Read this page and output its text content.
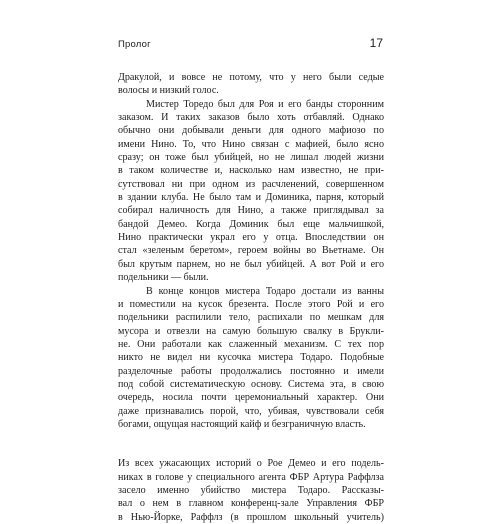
Пролог	17
Дракулой, и вовсе не потому, что у него были седые
волосы и низкий голос.
Мистер Торедо был для Роя и его банды сторонним
заказом. И таких заказов было хоть отбавляй. Однако
обычно они добывали деньги для одного мафиозо по
имени Нино. То, что Нино связан с мафией, было ясно
сразу; он тоже был убийцей, но не лишал людей жизни
в таком количестве и, насколько нам известно, не при-
сутствовал ни при одном из расчленений, совершенном
в здании клуба. Не было там и Доминика, парня, который
собирал наличность для Нино, а также приглядывал за
бандой Демео. Когда Доминик был еще мальчишкой,
Нино практически украл его у отца. Впоследствии он
стал «зеленым беретом», героем войны во Вьетнаме. Он
был крутым парнем, но не был убийцей. А вот Рой и его
подельники — были.
В конце концов мистера Тодаро достали из ванны
и поместили на кусок брезента. После этого Рой и его
подельники распилили тело, распихали по мешкам для
мусора и отвезли на самую большую свалку в Брукли-
не. Они работали как слаженный механизм. С тех пор
никто не видел ни кусочка мистера Тодаро. Подобные
разделочные работы продолжались постоянно и имели
под собой систематическую основу. Система эта, в свою
очередь, носила почти церемониальный характер. Они
даже признавались порой, что, убивая, чувствовали себя
богами, ощущая настоящий кайф и безграничную власть.
Из всех ужасающих историй о Рое Демео и его подель-
никах в голове у специального агента ФБР Артура Раффлза
засело именно убийство мистера Тодаро. Рассказы-
вал о нем в главном конференц-зале Управления ФБР
в Нью-Йорке, Раффлз (в прошлом школьный учитель)
